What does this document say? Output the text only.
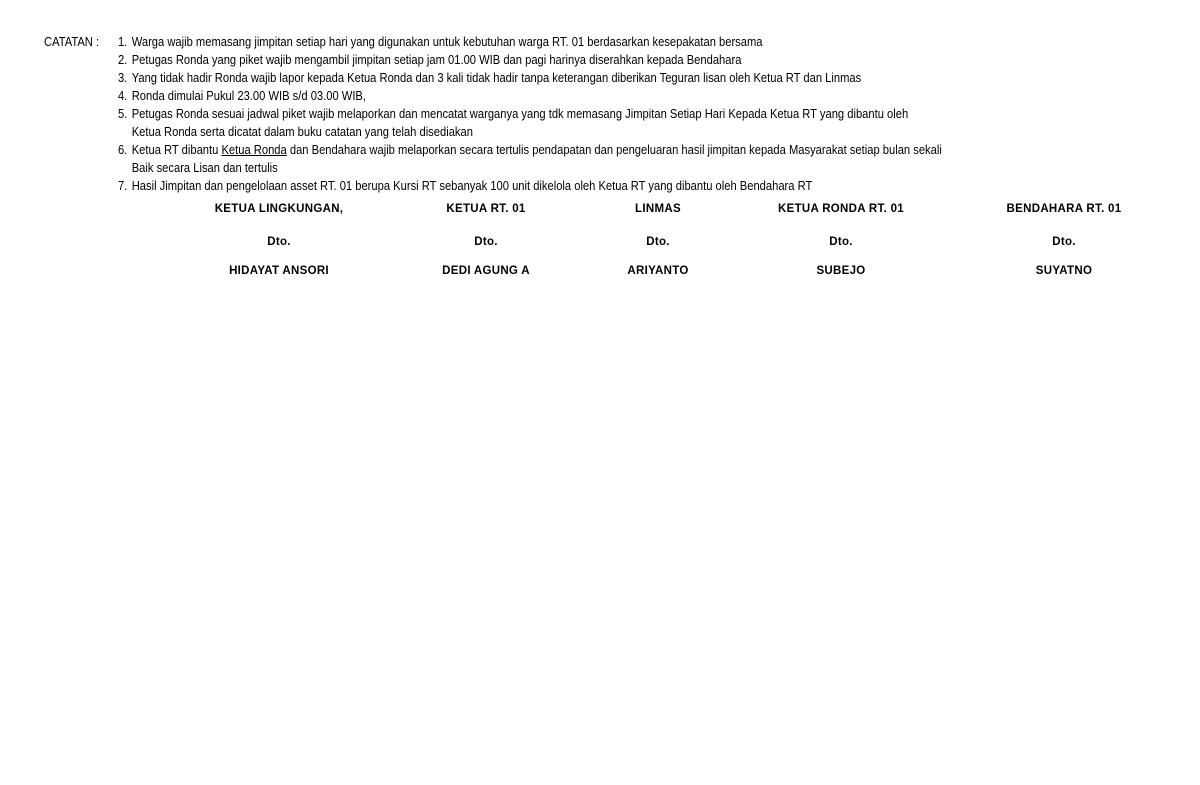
CATATAN : 1. Warga wajib memasang jimpitan setiap hari yang digunakan untuk kebutuhan warga RT. 01 berdasarkan kesepakatan bersama
2. Petugas Ronda yang piket wajib mengambil jimpitan setiap jam 01.00 WIB dan pagi harinya diserahkan kepada Bendahara
3. Yang tidak hadir Ronda wajib lapor kepada Ketua Ronda dan 3 kali tidak hadir tanpa keterangan diberikan Teguran lisan oleh Ketua RT dan Linmas
4. Ronda dimulai Pukul 23.00 WIB s/d 03.00 WIB,
5. Petugas Ronda sesuai jadwal piket wajib melaporkan dan mencatat warganya yang tdk memasang Jimpitan Setiap Hari Kepada Ketua RT yang dibantu oleh
Ketua Ronda serta dicatat dalam buku catatan yang telah disediakan
6. Ketua RT dibantu Ketua Ronda dan Bendahara wajib melaporkan secara tertulis pendapatan dan pengeluaran hasil jimpitan kepada Masyarakat setiap bulan sekali
Baik secara Lisan dan tertulis
7. Hasil Jimpitan dan pengelolaan asset RT. 01 berupa Kursi RT sebanyak 100 unit dikelola oleh Ketua RT yang dibantu oleh Bendahara RT
KETUA LINGKUNGAN,	KETUA RT. 01	LINMAS	KETUA RONDA RT. 01	BENDAHARA RT. 01
Dto.	Dto.	Dto.	Dto.	Dto.
HIDAYAT ANSORI	DEDI AGUNG A	ARIYANTO	SUBEJO	SUYATNO
